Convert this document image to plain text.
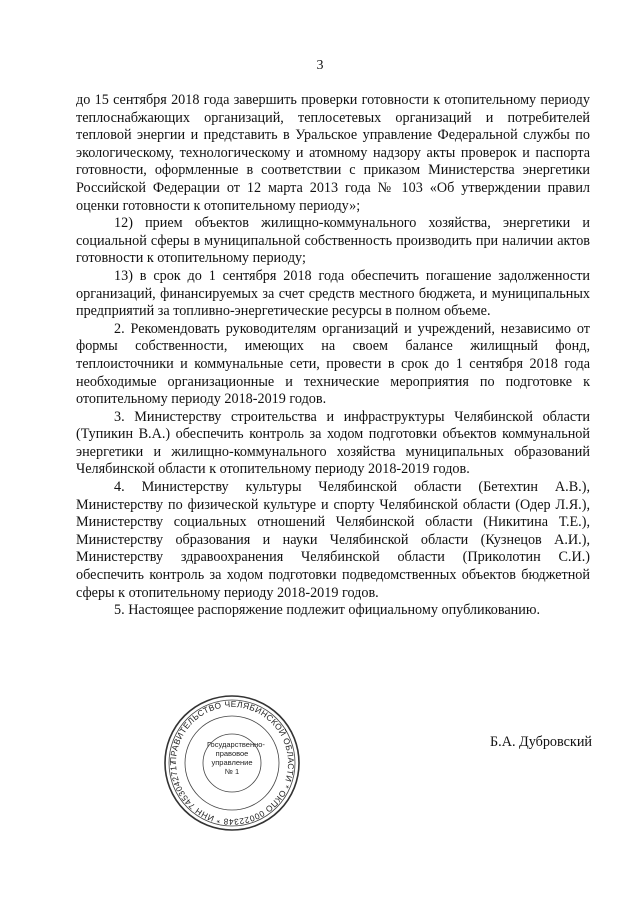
3

до 15 сентября 2018 года завершить проверки готовности к отопительному периоду теплоснабжающих организаций, теплосетевых организаций и потребителей тепловой энергии и представить в Уральское управление Федеральной службы по экологическому, технологическому и атомному надзору акты проверок и паспорта готовности, оформленные в соответствии с приказом Министерства энергетики Российской Федерации от 12 марта 2013 года № 103 «Об утверждении правил оценки готовности к отопительному периоду»;

12) прием объектов жилищно-коммунального хозяйства, энергетики и социальной сферы в муниципальной собственность производить при наличии актов готовности к отопительному периоду;

13) в срок до 1 сентября 2018 года обеспечить погашение задолженности организаций, финансируемых за счет средств местного бюджета, и муниципальных предприятий за топливно-энергетические ресурсы в полном объеме.

2. Рекомендовать руководителям организаций и учреждений, независимо от формы собственности, имеющих на своем балансе жилищный фонд, теплоисточники и коммунальные сети, провести в срок до 1 сентября 2018 года необходимые организационные и технические мероприятия по подготовке к отопительному периоду 2018-2019 годов.

3. Министерству строительства и инфраструктуры Челябинской области (Тупикин В.А.) обеспечить контроль за ходом подготовки объектов коммунальной энергетики и жилищно-коммунального хозяйства муниципальных образований Челябинской области к отопительному периоду 2018-2019 годов.

4. Министерству культуры Челябинской области (Бетехтин А.В.), Министерству по физической культуре и спорту Челябинской области (Одер Л.Я.), Министерству социальных отношений Челябинской области (Никитина Т.Е.), Министерству образования и науки Челябинской области (Кузнецов А.И.), Министерству здравоохранения Челябинской области (Приколотин С.И.) обеспечить контроль за ходом подготовки подведомственных объектов бюджетной сферы к отопительному периоду 2018-2019 годов.

5. Настоящее распоряжение подлежит официальному опубликованию.

ПРАВИТЕЛЬСТВО ЧЕЛЯБИНСКОЙ ОБЛАСТИ * ОКПО 00022348 * ИНН 7453042717
Государственно-
правовое
управление
№ 1
Б.А. Дубровский
